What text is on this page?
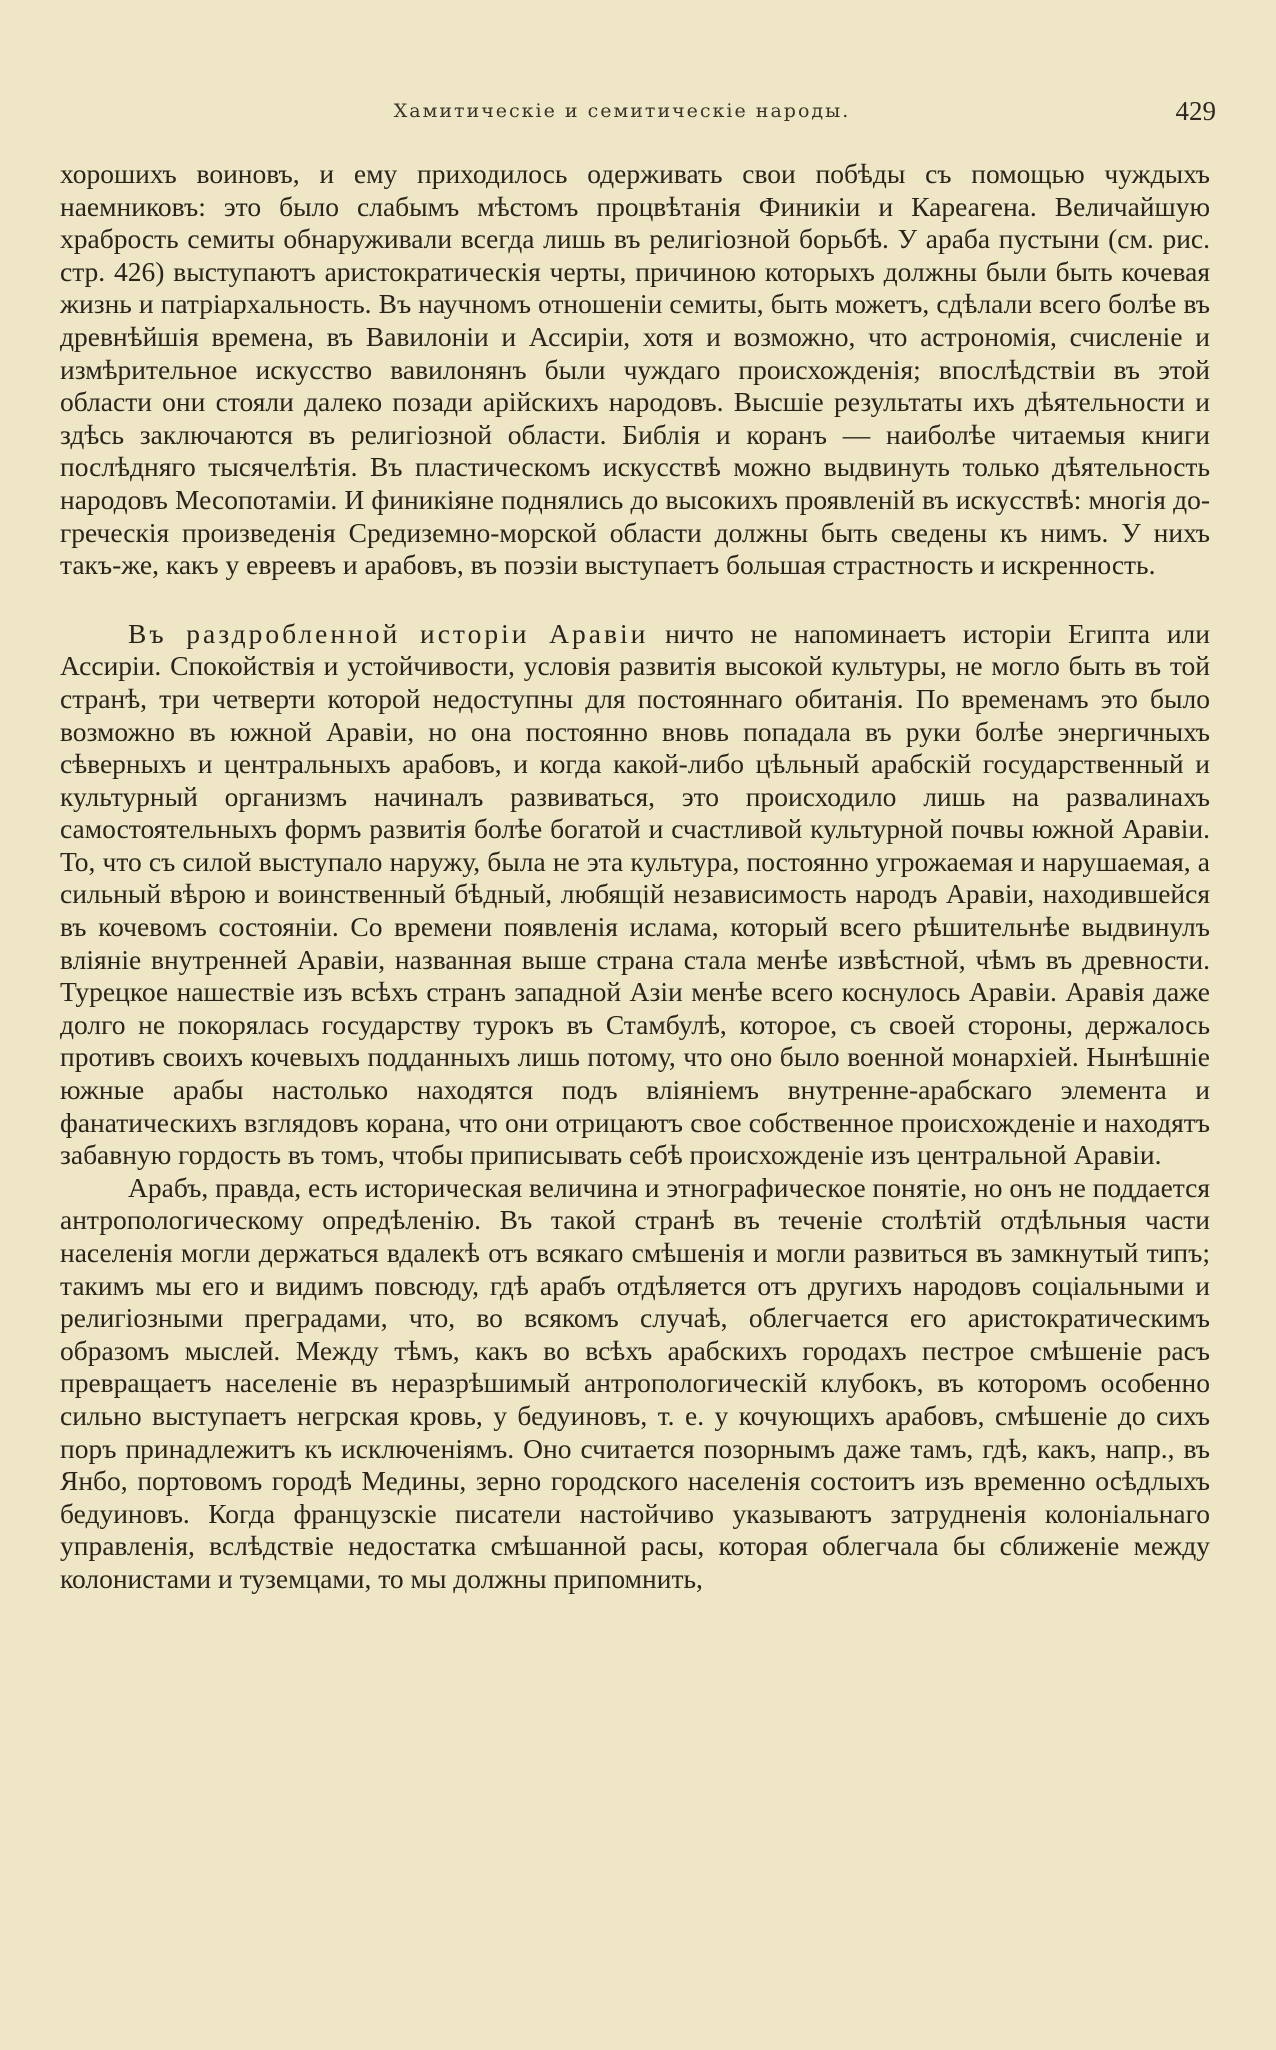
Хамитическіе и семитическіе народы.	429

хорошихъ воиновъ, и ему приходилось одерживать свои побѣды съ помощью чуждыхъ наемниковъ: это было слабымъ мѣстомъ процвѣтанія Финикіи и Кареагена. Величайшую храбрость семиты обнаруживали всегда лишь въ религіозной борьбѣ. У араба пустыни (см. рис. стр. 426) выступаютъ аристократическія черты, причиною которыхъ должны были быть кочевая жизнь и патріархальность. Въ научномъ отношеніи семиты, быть можетъ, сдѣлали всего болѣе въ древнѣйшія времена, въ Вавилоніи и Ассиріи, хотя и возможно, что астрономія, счисленіе и измѣрительное искусство вавилонянъ были чуждаго происхожденія; впослѣдствіи въ этой области они стояли далеко позади арійскихъ народовъ. Высшіе результаты ихъ дѣятельности и здѣсь заключаются въ религіозной области. Библія и коранъ — наиболѣе читаемыя книги послѣдняго тысячелѣтія. Въ пластическомъ искусствѣ можно выдвинуть только дѣятельность народовъ Месопотаміи. И финикіяне поднялись до высокихъ проявленій въ искусствѣ: многія до-греческія произведенія Средиземно-морской области должны быть сведены къ нимъ. У нихъ такъ-же, какъ у евреевъ и арабовъ, въ поэзіи выступаетъ большая страстность и искренность.

Въ раздробленной исторіи Аравіи ничто не напоминаетъ исторіи Египта или Ассиріи. Спокойствія и устойчивости, условія развитія высокой культуры, не могло быть въ той странѣ, три четверти которой недоступны для постояннаго обитанія. По временамъ это было возможно въ южной Аравіи, но она постоянно вновь попадала въ руки болѣе энергичныхъ сѣверныхъ и центральныхъ арабовъ, и когда какой-либо цѣльный арабскій государственный и культурный организмъ начиналъ развиваться, это происходило лишь на развалинахъ самостоятельныхъ формъ развитія болѣе богатой и счастливой культурной почвы южной Аравіи. То, что съ силой выступало наружу, была не эта культура, постоянно угрожаемая и нарушаемая, а сильный вѣрою и воинственный бѣдный, любящій независимость народъ Аравіи, находившейся въ кочевомъ состояніи. Со времени появленія ислама, который всего рѣшительнѣе выдвинулъ вліяніе внутренней Аравіи, названная выше страна стала менѣе извѣстной, чѣмъ въ древности. Турецкое нашествіе изъ всѣхъ странъ западной Азіи менѣе всего коснулось Аравіи. Аравія даже долго не покорялась государству турокъ въ Стамбулѣ, которое, съ своей стороны, держалось противъ своихъ кочевыхъ подданныхъ лишь потому, что оно было военной монархіей. Нынѣшніе южные арабы настолько находятся подъ вліяніемъ внутренне-арабскаго элемента и фанатическихъ взглядовъ корана, что они отрицаютъ свое собственное происхожденіе и находятъ забавную гордость въ томъ, чтобы приписывать себѣ происхожденіе изъ центральной Аравіи.

Арабъ, правда, есть историческая величина и этнографическое понятіе, но онъ не поддается антропологическому опредѣленію. Въ такой странѣ въ теченіе столѣтій отдѣльныя части населенія могли держаться вдалекѣ отъ всякаго смѣшенія и могли развиться въ замкнутый типъ; такимъ мы его и видимъ повсюду, гдѣ арабъ отдѣляется отъ другихъ народовъ соціальными и религіозными преградами, что, во всякомъ случаѣ, облегчается его аристократическимъ образомъ мыслей. Между тѣмъ, какъ во всѣхъ арабскихъ городахъ пестрое смѣшеніе расъ превращаетъ населеніе въ неразрѣшимый антропологическій клубокъ, въ которомъ особенно сильно выступаетъ негрская кровь, у бедуиновъ, т. е. у кочующихъ арабовъ, смѣшеніе до сихъ поръ принадлежитъ къ исключеніямъ. Оно считается позорнымъ даже тамъ, гдѣ, какъ, напр., въ Янбо, портовомъ городѣ Медины, зерно городского населенія состоитъ изъ временно осѣдлыхъ бедуиновъ. Когда французскіе писатели настойчиво указываютъ затрудненія колоніальнаго управленія, вслѣдствіе недостатка смѣшанной расы, которая облегчала бы сближеніе между колонистами и туземцами, то мы должны припомнить,
